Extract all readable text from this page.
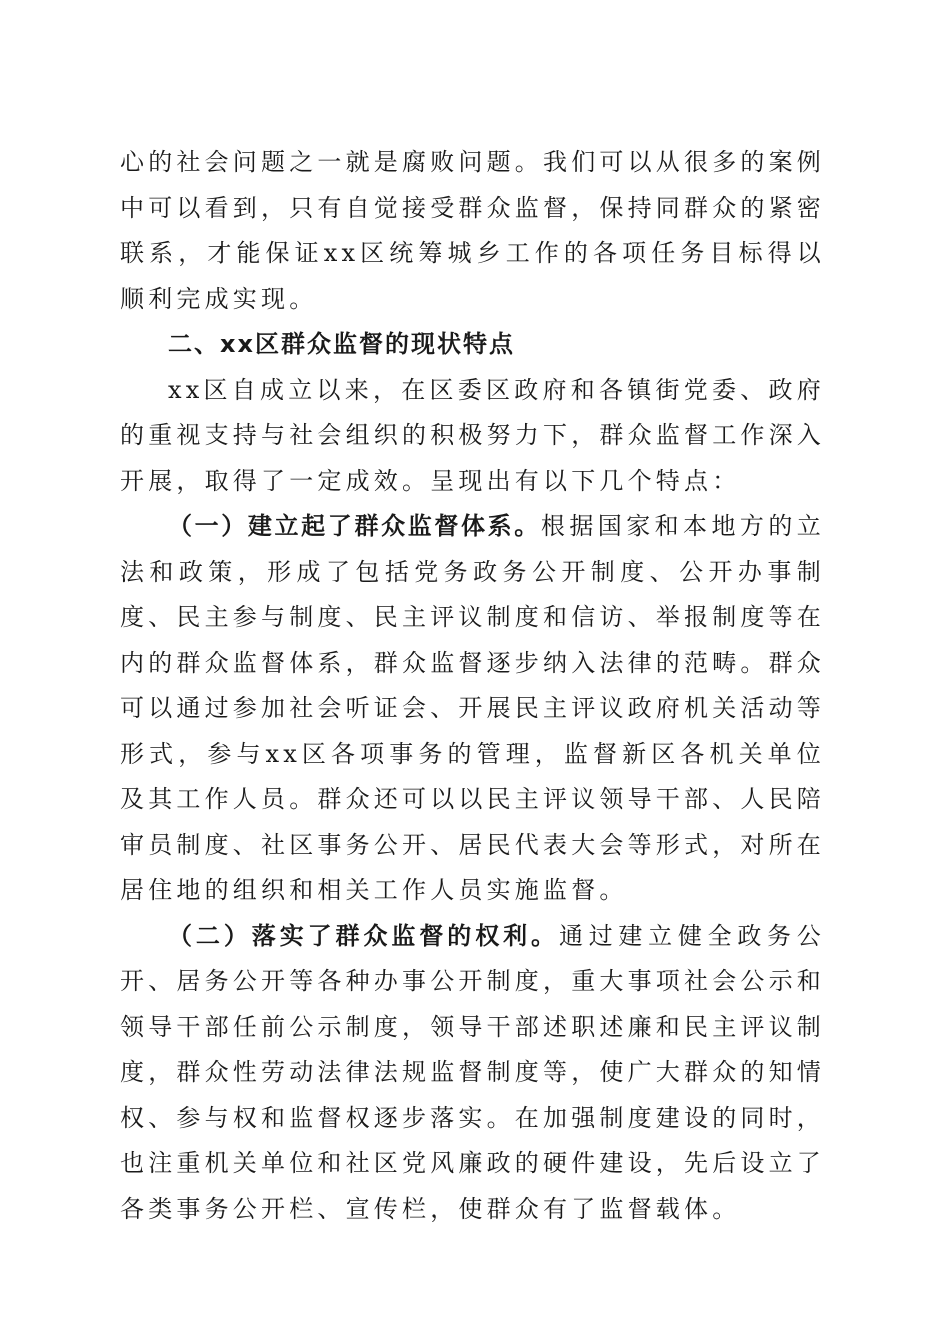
心的社会问题之一就是腐败问题。我们可以从很多的案例中可以看到，只有自觉接受群众监督，保持同群众的紧密联系，才能保证xx区统筹城乡工作的各项任务目标得以顺利完成实现。

二、xx区群众监督的现状特点

xx区自成立以来，在区委区政府和各镇街党委、政府的重视支持与社会组织的积极努力下，群众监督工作深入开展，取得了一定成效。呈现出有以下几个特点：

（一）建立起了群众监督体系。根据国家和本地方的立法和政策，形成了包括党务政务公开制度、公开办事制度、民主参与制度、民主评议制度和信访、举报制度等在内的群众监督体系，群众监督逐步纳入法律的范畴。群众可以通过参加社会听证会、开展民主评议政府机关活动等形式，参与xx区各项事务的管理，监督新区各机关单位及其工作人员。群众还可以以民主评议领导干部、人民陪审员制度、社区事务公开、居民代表大会等形式，对所在居住地的组织和相关工作人员实施监督。

（二）落实了群众监督的权利。通过建立健全政务公开、居务公开等各种办事公开制度，重大事项社会公示和领导干部任前公示制度，领导干部述职述廉和民主评议制度，群众性劳动法律法规监督制度等，使广大群众的知情权、参与权和监督权逐步落实。在加强制度建设的同时，也注重机关单位和社区党风廉政的硬件建设，先后设立了各类事务公开栏、宣传栏，使群众有了监督载体。
